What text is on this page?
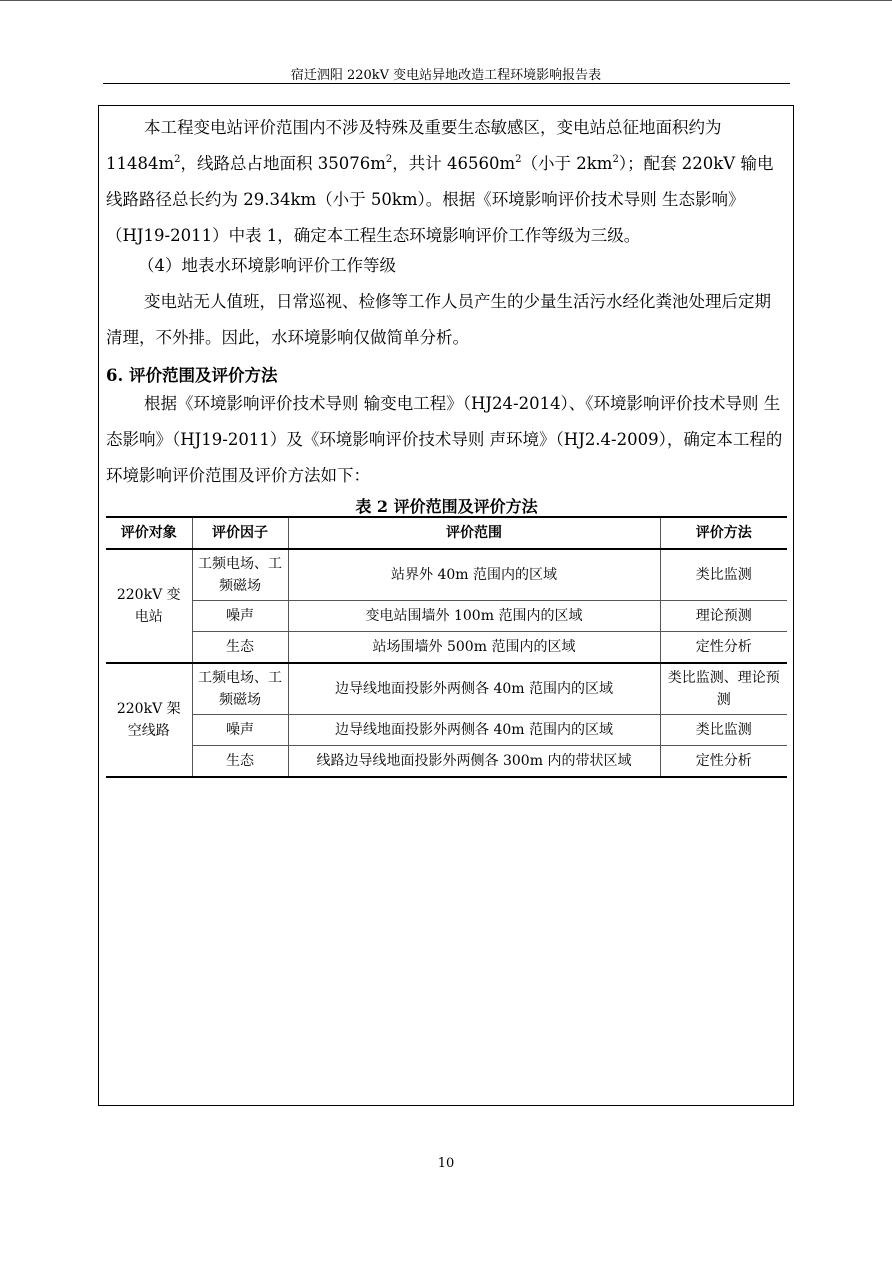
宿迁泗阳 220kV 变电站异地改造工程环境影响报告表
本工程变电站评价范围内不涉及特殊及重要生态敏感区，变电站总征地面积约为 $11484m^2$，线路总占地面积 $35076m^2$，共计 $46560m^2$（小于 $2km^2$）；配套 220kV 输电线路路径总长约为 29.34km（小于 50km）。根据《环境影响评价技术导则 生态影响》（HJ19-2011）中表 1，确定本工程生态环境影响评价工作等级为三级。
（4）地表水环境影响评价工作等级
变电站无人值班，日常巡视、检修等工作人员产生的少量生活污水经化粪池处理后定期清理，不外排。因此，水环境影响仅做简单分析。
6. 评价范围及评价方法
根据《环境影响评价技术导则 输变电工程》（HJ24-2014）、《环境影响评价技术导则 生态影响》（HJ19-2011）及《环境影响评价技术导则 声环境》（HJ2.4-2009），确定本工程的环境影响评价范围及评价方法如下：
表 2 评价范围及评价方法
评价对象	评价因子	评价范围	评价方法
220kV 变电站	工频电场、工频磁场	站界外 40m 范围内的区域	类比监测
	噪声	变电站围墙外 100m 范围内的区域	理论预测
	生态	站场围墙外 500m 范围内的区域	定性分析
220kV 架空线路	工频电场、工频磁场	边导线地面投影外两侧各 40m 范围内的区域	类比监测、理论预测
	噪声	边导线地面投影外两侧各 40m 范围内的区域	类比监测
	生态	线路边导线地面投影外两侧各 300m 内的带状区域	定性分析
10
